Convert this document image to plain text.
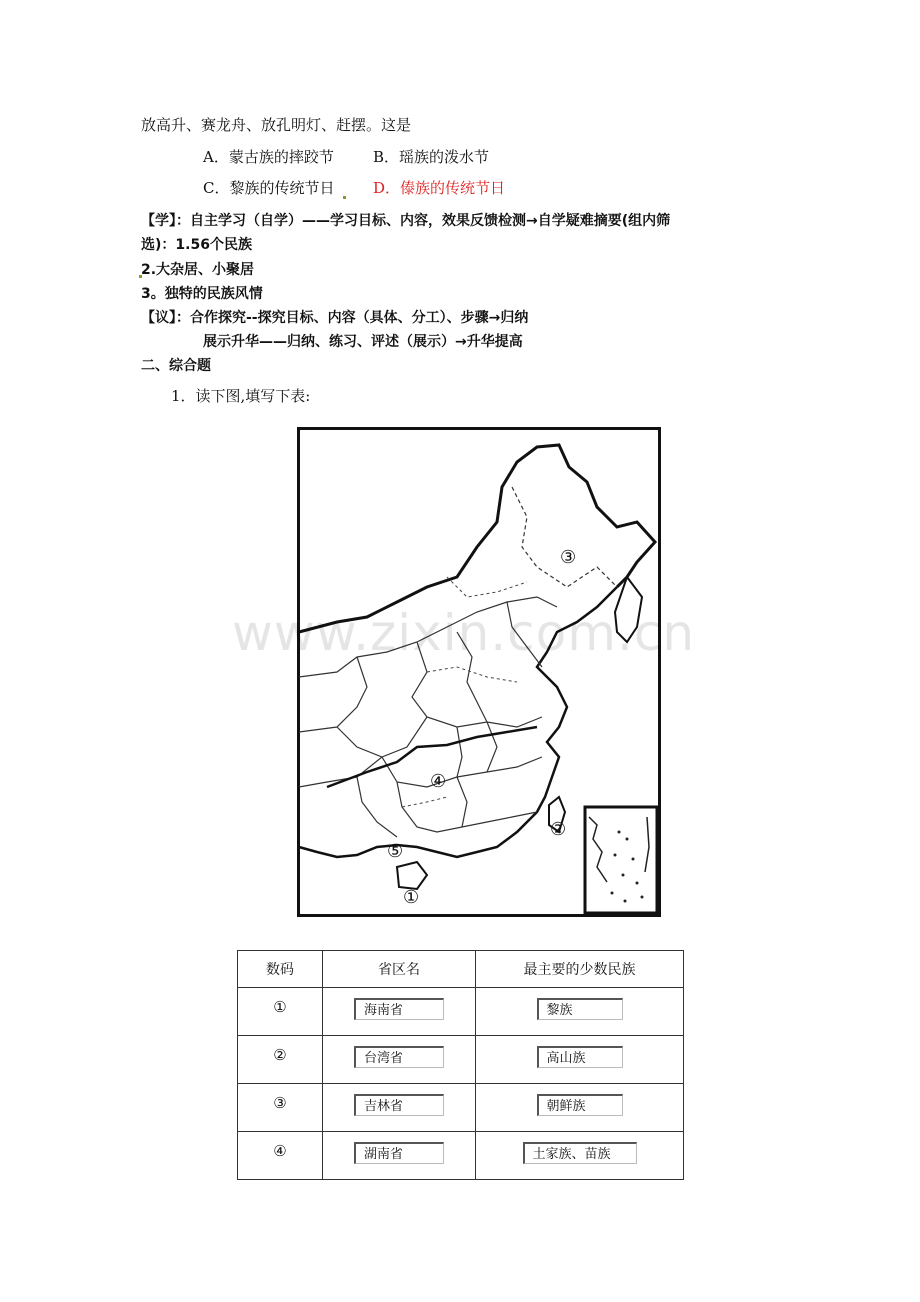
放高升、赛龙舟、放孔明灯、赶摆。这是
A．蒙古族的摔跤节	B．瑶族的泼水节
C．黎族的传统节日	D．傣族的传统节日
【学】：自主学习（自学）——学习目标、内容，效果反馈检测→自学疑难摘要(组内筛
选)：1.56个民族
2.大杂居、小聚居
3。独特的民族风情
【议】：合作探究--探究目标、内容（具体、分工）、步骤→归纳
展示升华——归纳、练习、评述（展示）→升华提高
二、综合题
1．读下图,填写下表:
③
④
②
⑤
①
www.zixin.com.cn
数码	省区名	最主要的少数民族
①	海南省	黎族
②	台湾省	高山族
③	吉林省	朝鲜族
④	湖南省	土家族、苗族
